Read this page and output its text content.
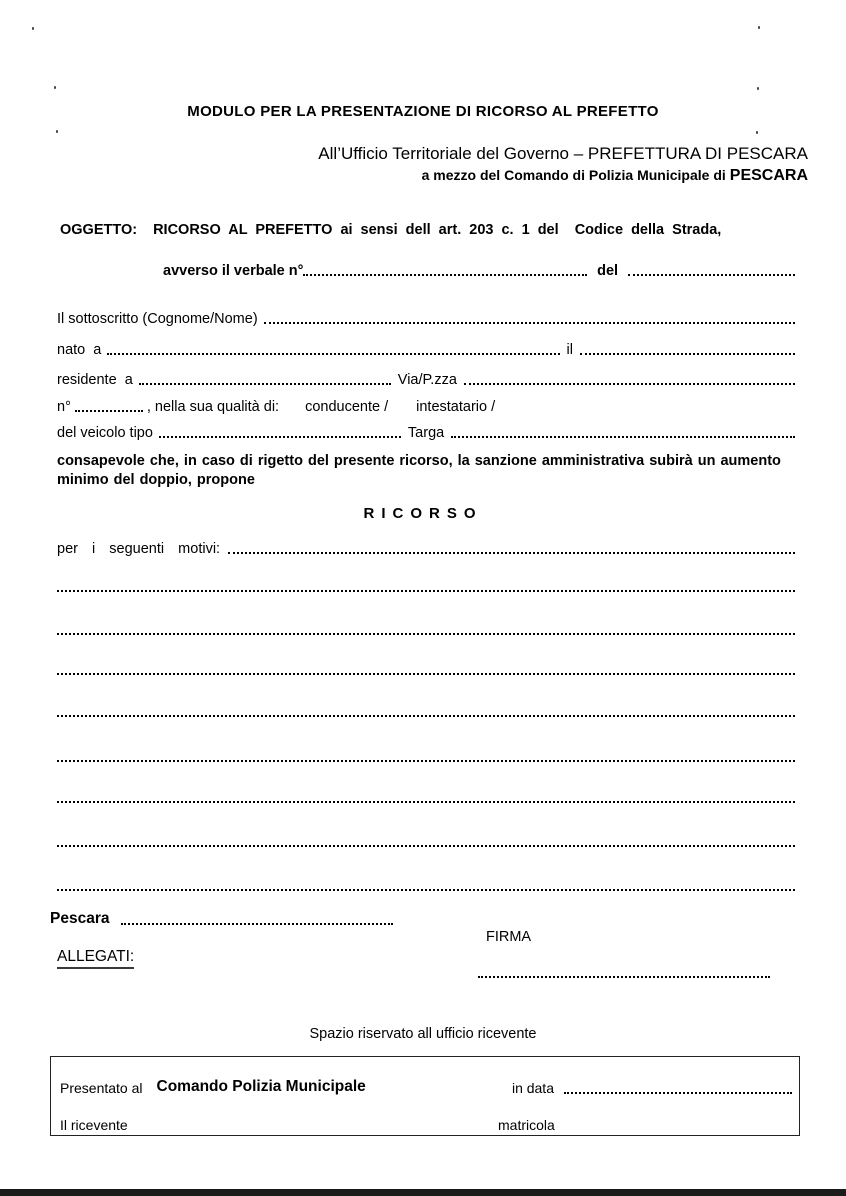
MODULO PER LA PRESENTAZIONE DI RICORSO AL PREFETTO
All’Ufficio Territoriale del Governo – PREFETTURA DI PESCARA
a mezzo del Comando di Polizia Municipale di PESCARA
OGGETTO: RICORSO AL PREFETTO ai sensi dell art. 203 c. 1 del  Codice della Strada,
avverso il verbale n°	del
Il sottoscritto (Cognome/Nome)
nato  a	il
residente  a	Via/P.zza
n°	, nella sua qualità di: conducente / intestatario /
del veicolo tipo	Targa
consapevole che, in caso di rigetto del presente ricorso, la sanzione amministrativa subirà un aumento minimo del doppio, propone
RICORSO
per  i  seguenti  motivi:
Pescara
FIRMA
ALLEGATI:
Spazio riservato all ufficio ricevente
Presentato al Comando Polizia Municipale	in data
Il ricevente	matricola
